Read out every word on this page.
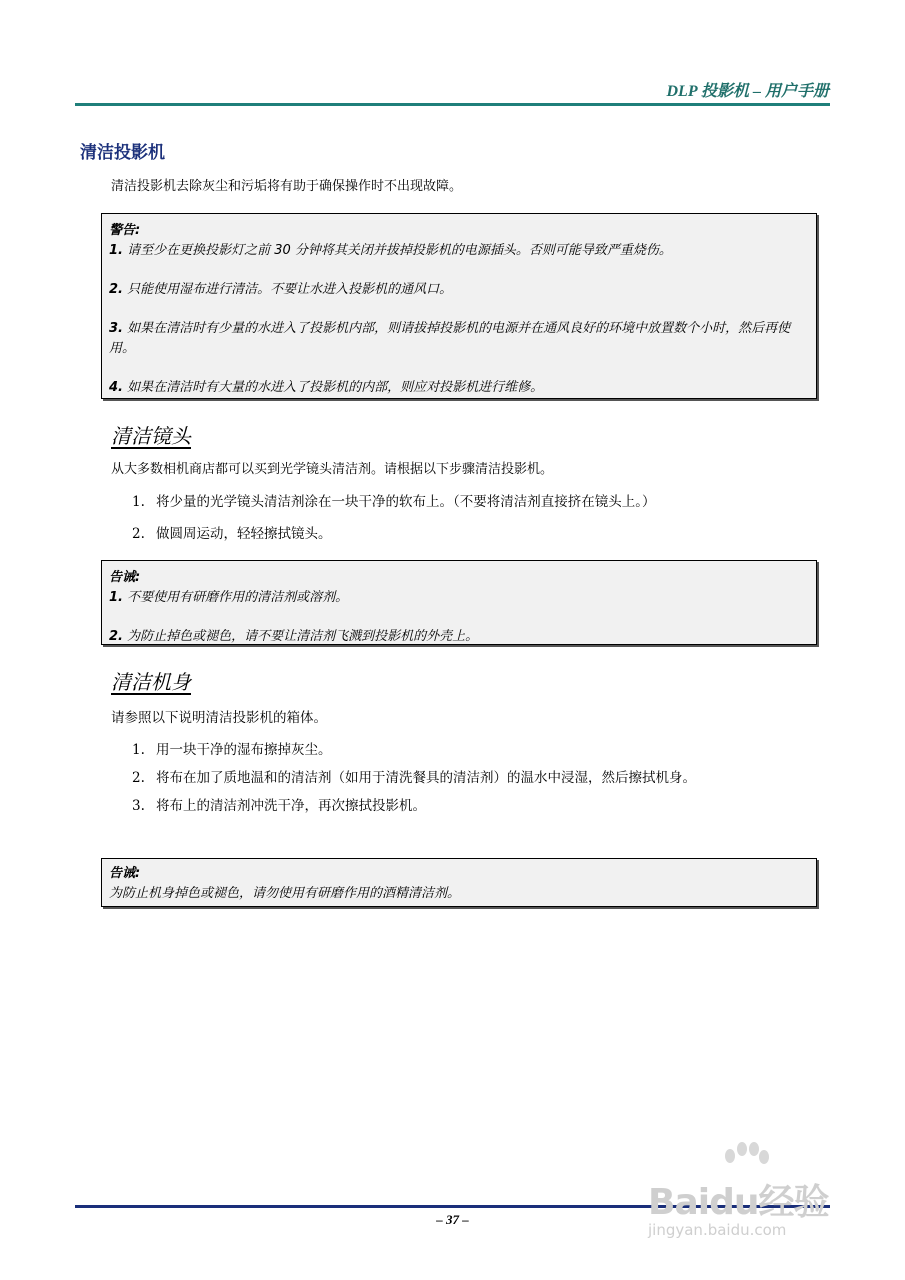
DLP 投影机 – 用户手册
清洁投影机
清洁投影机去除灰尘和污垢将有助于确保操作时不出现故障。

警告:

1. 请至少在更换投影灯之前 30 分钟将其关闭并拔掉投影机的电源插头。否则可能导致严重烧伤。

2. 只能使用湿布进行清洁。不要让水进入投影机的通风口。

3. 如果在清洁时有少量的水进入了投影机内部，则请拔掉投影机的电源并在通风良好的环境中放置数个小时，然后再使用。

4. 如果在清洁时有大量的水进入了投影机的内部，则应对投影机进行维修。

清洁镜头
从大多数相机商店都可以买到光学镜头清洁剂。请根据以下步骤清洁投影机。
1. 将少量的光学镜头清洁剂涂在一块干净的软布上。（不要将清洁剂直接挤在镜头上。）
2. 做圆周运动，轻轻擦拭镜头。

告诫:

1. 不要使用有研磨作用的清洁剂或溶剂。

2. 为防止掉色或褪色，请不要让清洁剂飞溅到投影机的外壳上。

清洁机身
请参照以下说明清洁投影机的箱体。
1. 用一块干净的湿布擦掉灰尘。
2. 将布在加了质地温和的清洁剂（如用于清洗餐具的清洁剂）的温水中浸湿，然后擦拭机身。
3. 将布上的清洁剂冲洗干净，再次擦拭投影机。

告诫:

为防止机身掉色或褪色，请勿使用有研磨作用的酒精清洁剂。

– 37 –	Baidu经验
jingyan.baidu.com
